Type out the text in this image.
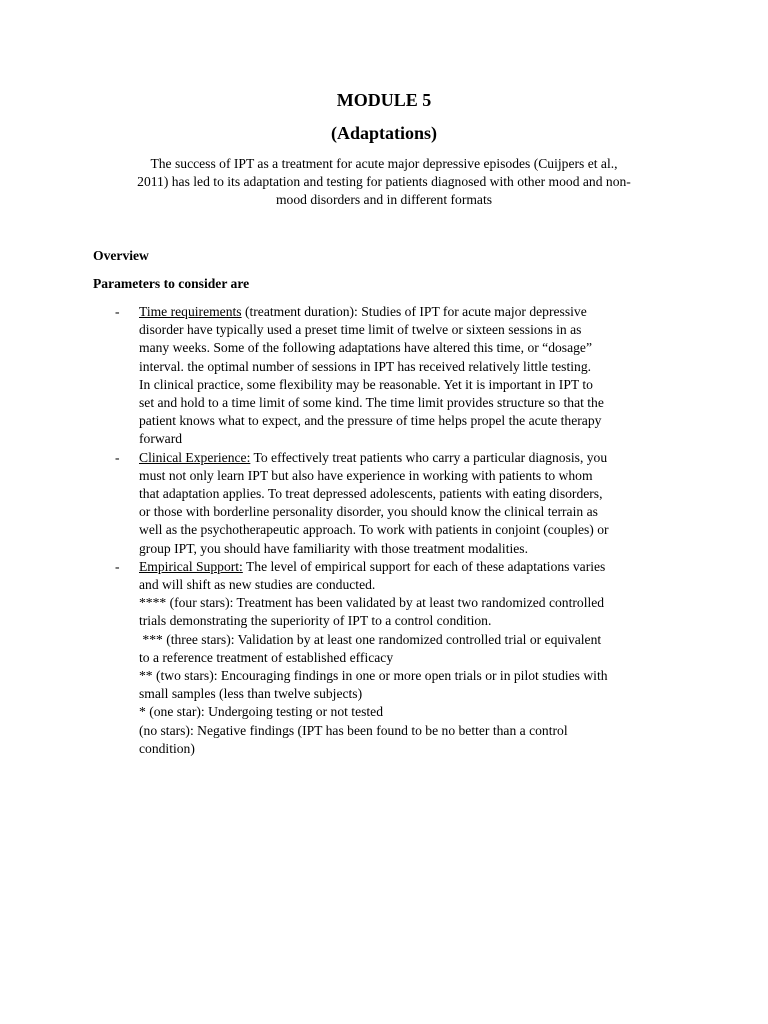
MODULE 5
(Adaptations)
The success of IPT as a treatment for acute major depressive episodes (Cuijpers et al.,
2011) has led to its adaptation and testing for patients diagnosed with other mood and non-
mood disorders and in different formats
Overview
Parameters to consider are
- Time requirements (treatment duration): Studies of IPT for acute major depressive
disorder have typically used a preset time limit of twelve or sixteen sessions in as
many weeks. Some of the following adaptations have altered this time, or “dosage”
interval. the optimal number of sessions in IPT has received relatively little testing.
In clinical practice, some flexibility may be reasonable. Yet it is important in IPT to
set and hold to a time limit of some kind. The time limit provides structure so that the
patient knows what to expect, and the pressure of time helps propel the acute therapy
forward
- Clinical Experience: To effectively treat patients who carry a particular diagnosis, you
must not only learn IPT but also have experience in working with patients to whom
that adaptation applies. To treat depressed adolescents, patients with eating disorders,
or those with borderline personality disorder, you should know the clinical terrain as
well as the psychotherapeutic approach. To work with patients in conjoint (couples) or
group IPT, you should have familiarity with those treatment modalities.
- Empirical Support: The level of empirical support for each of these adaptations varies
and will shift as new studies are conducted.
**** (four stars): Treatment has been validated by at least two randomized controlled
trials demonstrating the superiority of IPT to a control condition.
*** (three stars): Validation by at least one randomized controlled trial or equivalent
to a reference treatment of established efficacy
** (two stars): Encouraging findings in one or more open trials or in pilot studies with
small samples (less than twelve subjects)
* (one star): Undergoing testing or not tested
(no stars): Negative findings (IPT has been found to be no better than a control
condition)
